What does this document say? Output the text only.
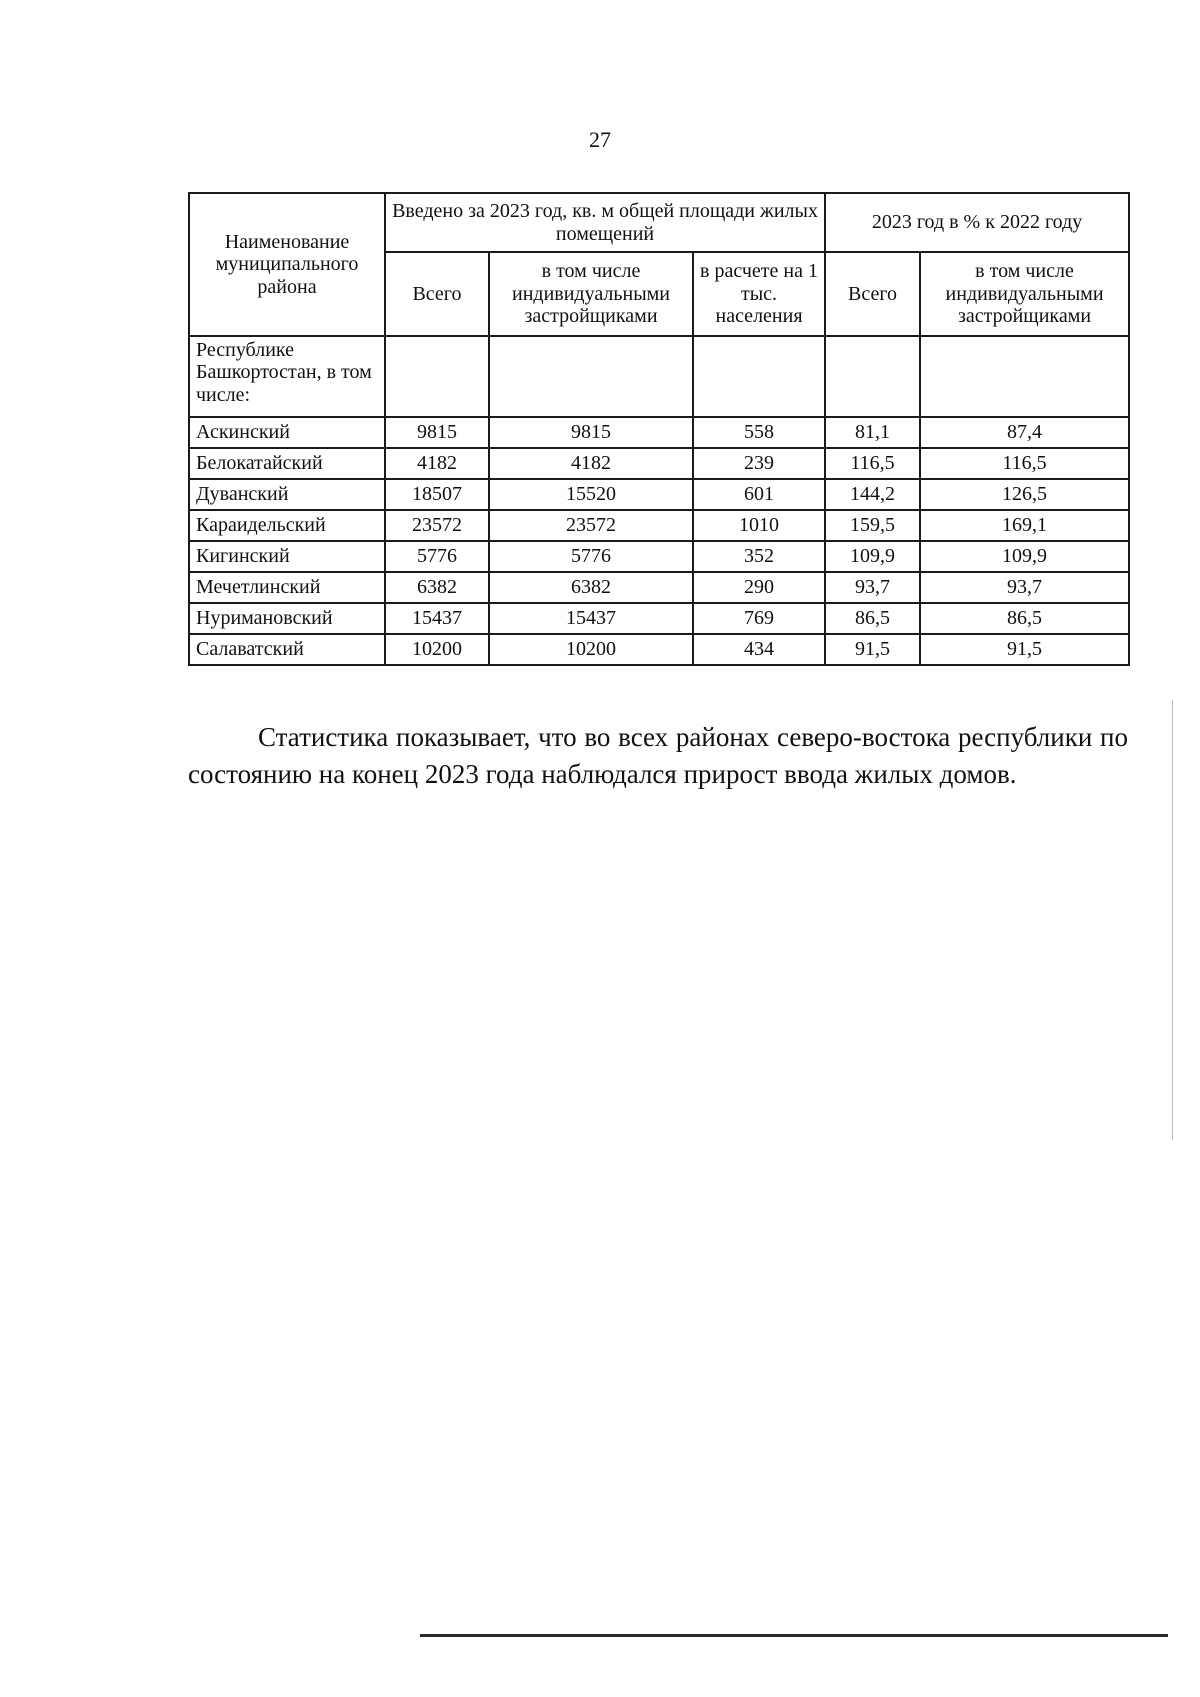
27
Наименование муниципального района	Введено за 2023 год, кв. м общей площади жилых помещений			2023 год в % к 2022 году	
	Всего	в том числе индивидуальными застройщиками	в расчете на 1 тыс. населения	Всего	в том числе индивидуальными застройщиками
Республике Башкортостан, в том числе:					
Аскинский	9815	9815	558	81,1	87,4
Белокатайский	4182	4182	239	116,5	116,5
Дуванский	18507	15520	601	144,2	126,5
Караидельский	23572	23572	1010	159,5	169,1
Кигинский	5776	5776	352	109,9	109,9
Мечетлинский	6382	6382	290	93,7	93,7
Нуримановский	15437	15437	769	86,5	86,5
Салаватский	10200	10200	434	91,5	91,5

Статистика показывает, что во всех районах северо-востока республики по состоянию на конец 2023 года наблюдался прирост ввода жилых домов.
